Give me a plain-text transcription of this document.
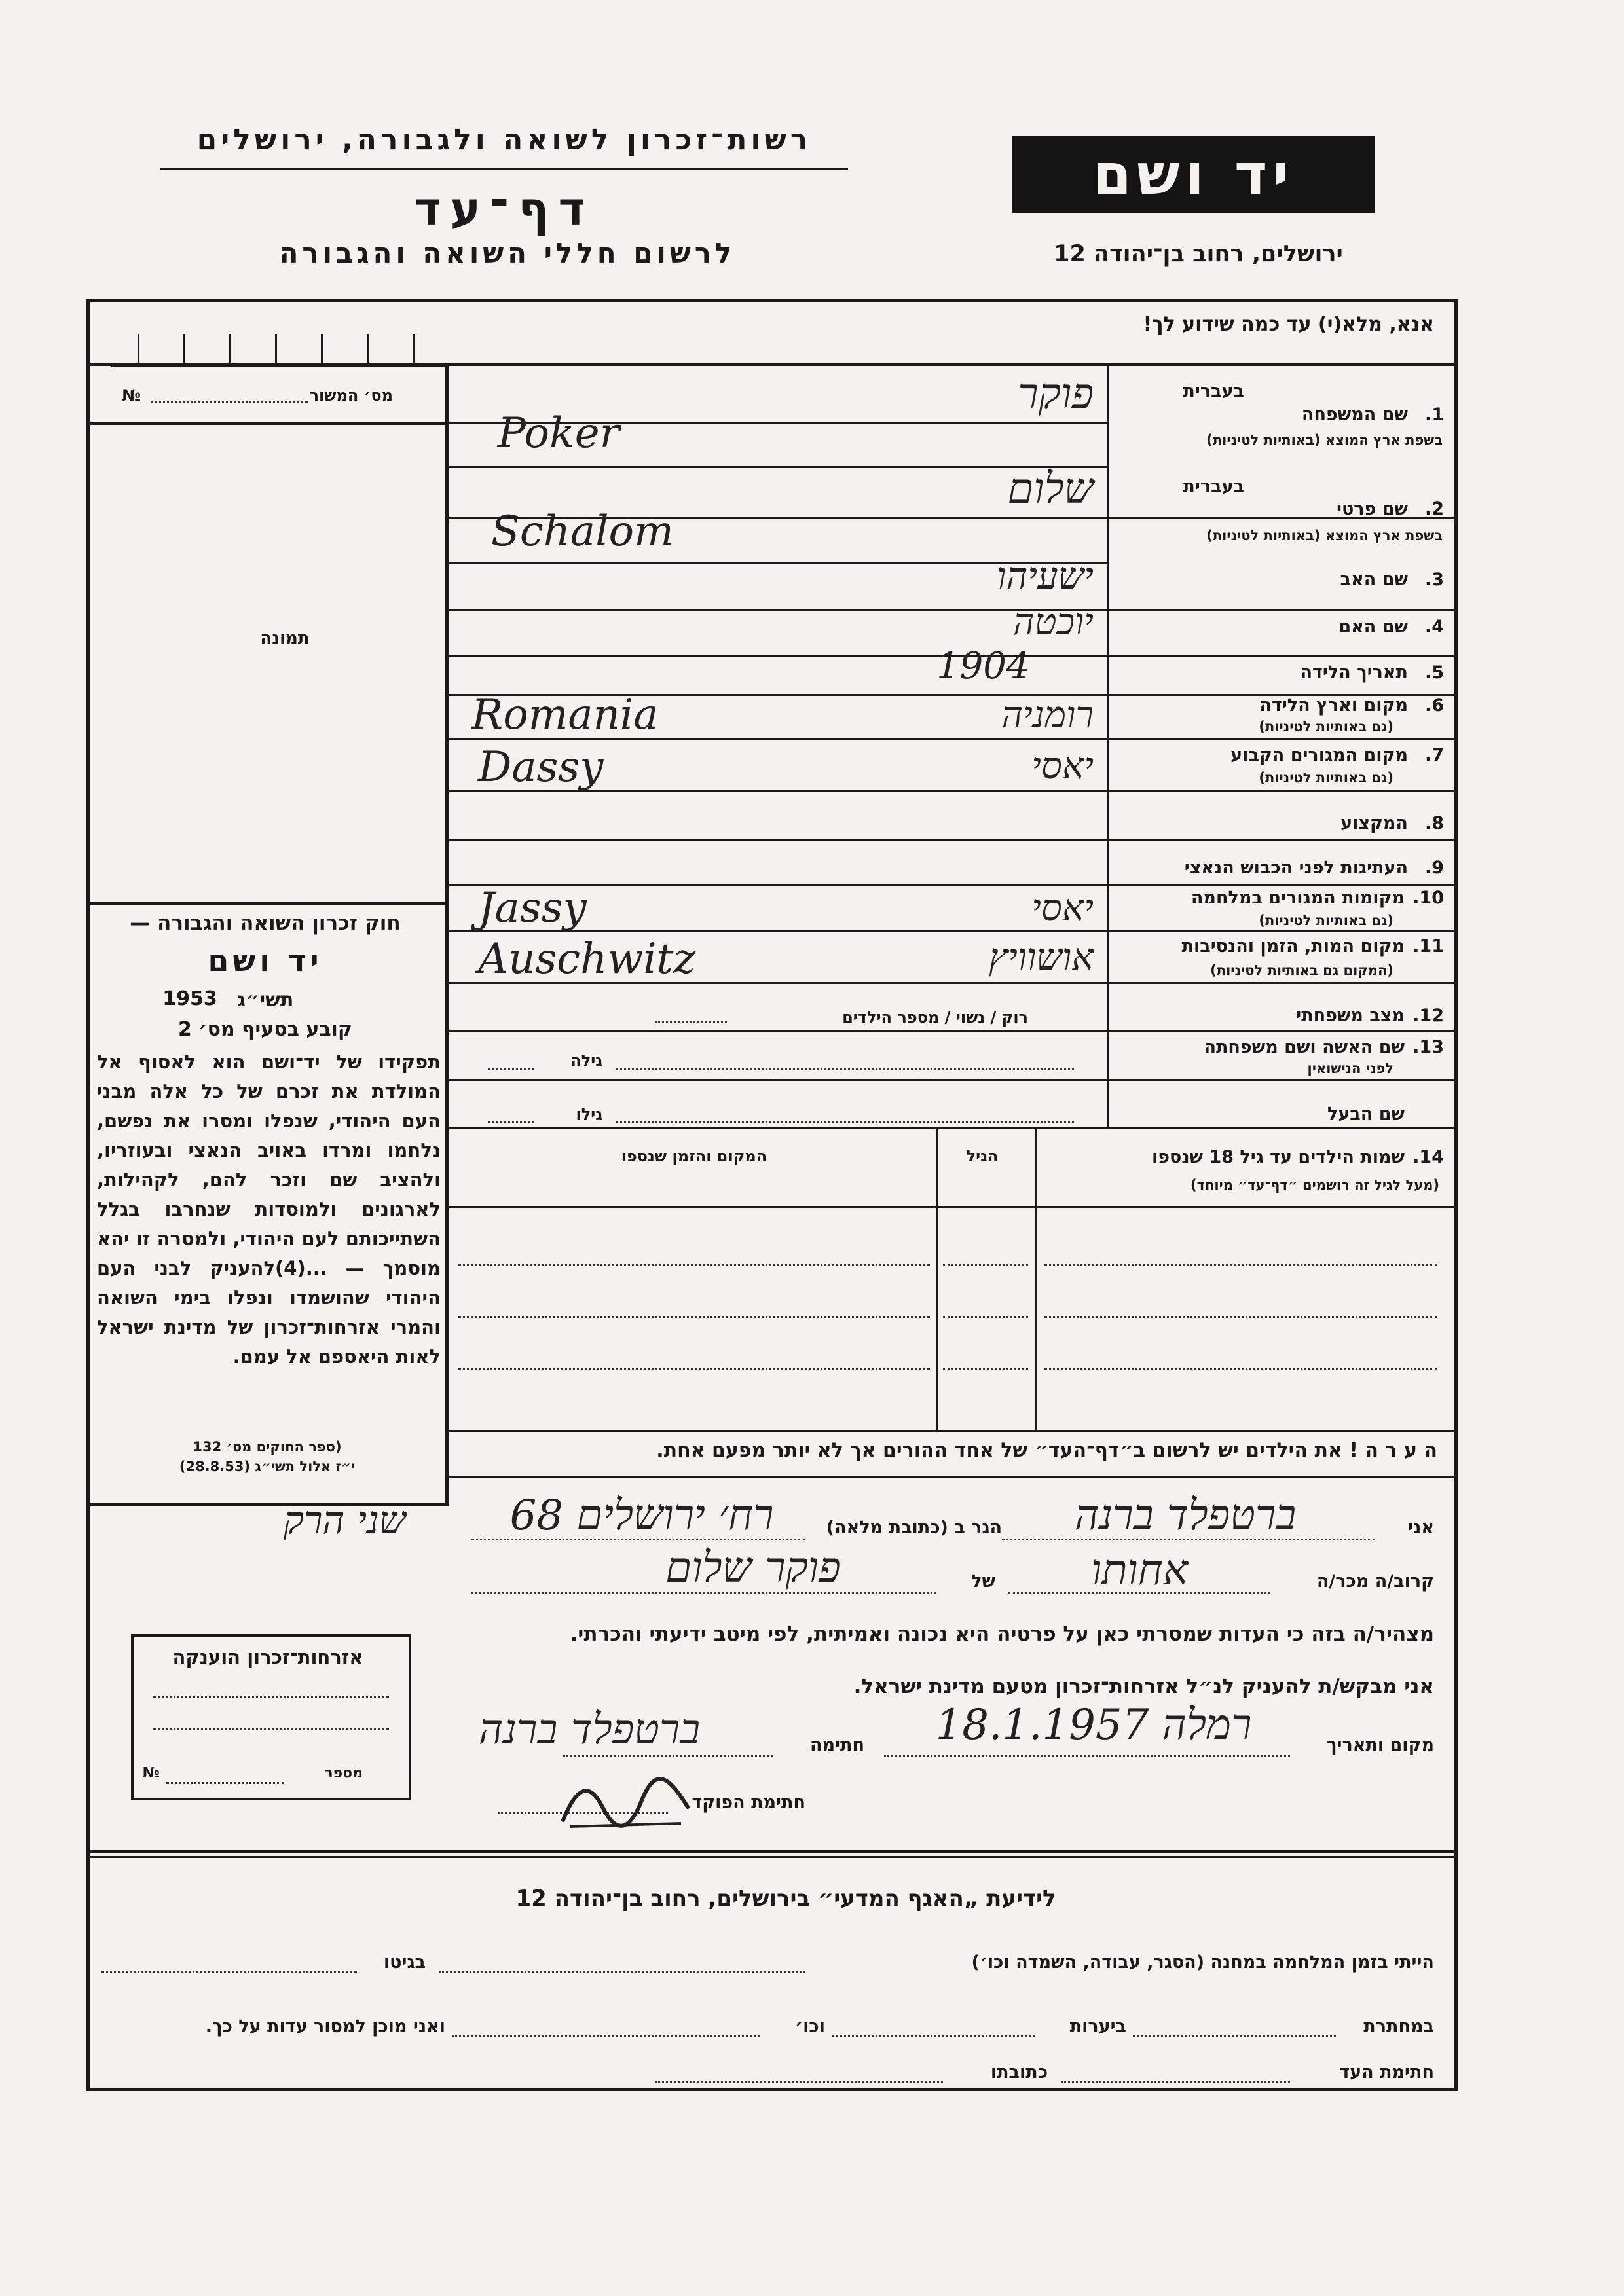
רשות־זכרון לשואה ולגבורה, ירושלים
דף־עד
לרשום חללי השואה והגבורה
יד ושם
ירושלים, רחוב בן־יהודה 12
אנא, מלא(י) עד כמה שידוע לך!
מס׳ המשור
№
תמונה
חוק זכרון השואה והגבורה —
יד ושם
תשי״ג
1953
קובע בסעיף מס׳ 2
תפקידו של יד־ושם הוא לאסוף אל המולדת את זכרם של כל אלה מבני העם היהודי, שנפלו ומסרו את נפשם, נלחמו ומרדו באויב הנאצי ובעוזריו, ולהציב שם וזכר להם, לקהילות, לארגונים ולמוסדות שנחרבו בגלל השתייכותם לעם היהודי, ולמסרה זו יהא מוסמך — ...(4)להעניק לבני העם היהודי שהושמדו ונפלו בימי השואה והמרי אזרחות־זכרון של מדינת ישראל לאות היאספם אל עמם.
(ספר החוקים מס׳ 132
י״ז אלול תשי״ג (28.8.53)
בעברית
1.
שם המשפחה
בשפת ארץ המוצא (באותיות לטיניות)
פוקר
Poker
בעברית
2.
שם פרטי
בשפת ארץ המוצא (באותיות לטיניות)
שלום
Schalom
3.
שם האב
ישעיהו
4.
שם האם
יוכטה
5.
תאריך הלידה
1904
6.
מקום וארץ הלידה
(גם באותיות לטיניות)
רומניה
Romania
7.
מקום המגורים הקבוע
(גם באותיות לטיניות)
יאסי
Dassy
8.
המקצוע
9.
העתיגות לפני הכבוש הנאצי
10.
מקומות המגורים במלחמה
(גם באותיות לטיניות)
יאסי
Jassy
11.
מקום המות, הזמן והנסיבות
(המקום גם באותיות לטיניות)
אושוויץ
Auschwitz
12.
מצב משפחתי
רוק / נשוי / מספר הילדים
13.
שם האשה ושם משפחתה
לפני הנישואין
גילה
שם הבעל
גילו
14.
שמות הילדים עד גיל 18 שנספו
(מעל לגיל זה רושמים ״דף־עד״ מיוחד)
הגיל
המקום והזמן שנספו
ה ע ר ה ! את הילדים יש לרשום ב״דף־העד״ של אחד ההורים אך לא יותר מפעם אחת.
שני הרק	אני
ברטפלד ברנה
הגר ב (כתובת מלאה)
רח׳ ירושלים 68
קרוב/ה מכר/ה
אחותו
של
פוקר שלום
מצהיר/ה בזה כי העדות שמסרתי כאן על פרטיה היא נכונה ואמיתית, לפי מיטב ידיעתי והכרתי.
אני מבקש/ת להעניק לנ״ל אזרחות־זכרון מטעם מדינת ישראל.
מקום ותאריך
רמלה 18.1.1957
חתימה
ברטפלד ברנה
חתימת הפוקד
אזרחות־זכרון הוענקה
מספר
№
לידיעת „האגף המדעי״ בירושלים, רחוב בן־יהודה 12
הייתי בזמן המלחמה במחנה (הסגר, עבודה, השמדה וכו׳)
בגיטו
במחתרת
ביערות
וכו׳
ואני מוכן למסור עדות על כך.
חתימת העד
כתובתו
